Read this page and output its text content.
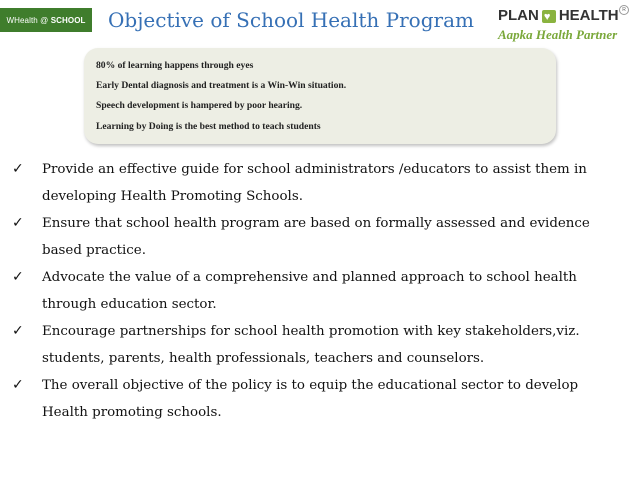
WHealth
@
SCHOOL Objective of School Health Program PLAN
♥ HEALTH
Aapka Health Partner
R
80% of learning happens through eyes
Early Dental diagnosis and treatment is a Win-Win situation.
Speech development is hampered by poor hearing.
Learning by Doing is the best method to teach students
✓ Provide an effective guide for school administrators /educators to assist them in
developing Health Promoting Schools.
✓ Ensure that school health program are based on formally assessed and evidence
based practice.
✓ Advocate the value of a comprehensive and planned approach to school health
through education sector.
✓ Encourage partnerships for school health promotion with key stakeholders,viz.
students, parents, health professionals, teachers and counselors.
✓ The overall objective of the policy is to equip the educational sector to develop
Health promoting schools.
